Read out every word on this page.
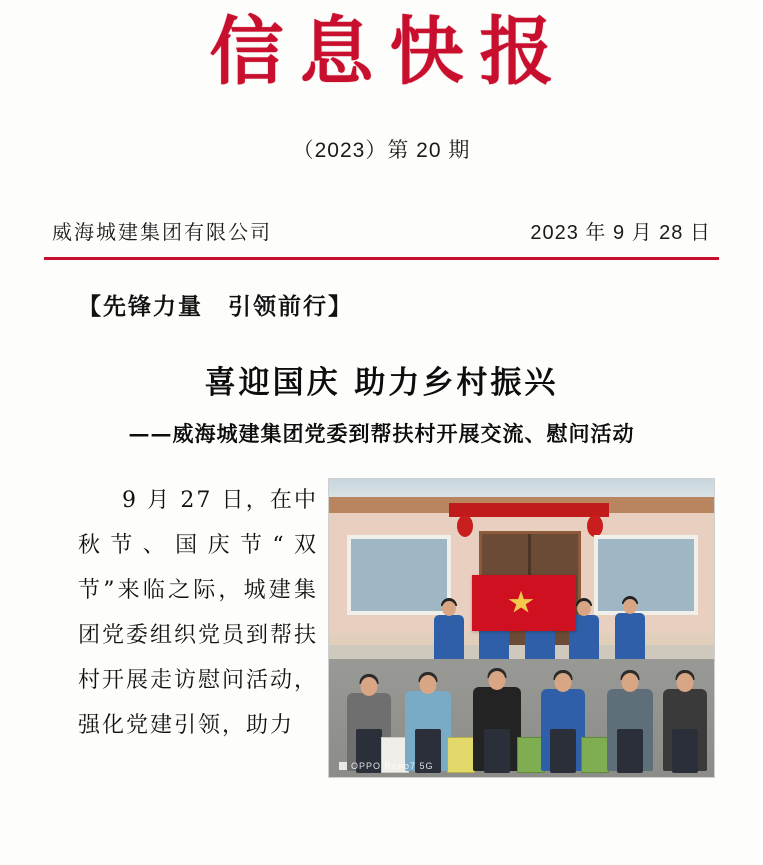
信息快报
（2023）第 20 期
威海城建集团有限公司	2023 年 9 月 28 日
【先锋力量　引领前行】
喜迎国庆 助力乡村振兴
——威海城建集团党委到帮扶村开展交流、慰问活动

9 月 27 日，在中秋节、国庆节“双节”来临之际，城建集团党委组织党员到帮扶村开展走访慰问活动，强化党建引领，助力

OPPO Reno7 5G
